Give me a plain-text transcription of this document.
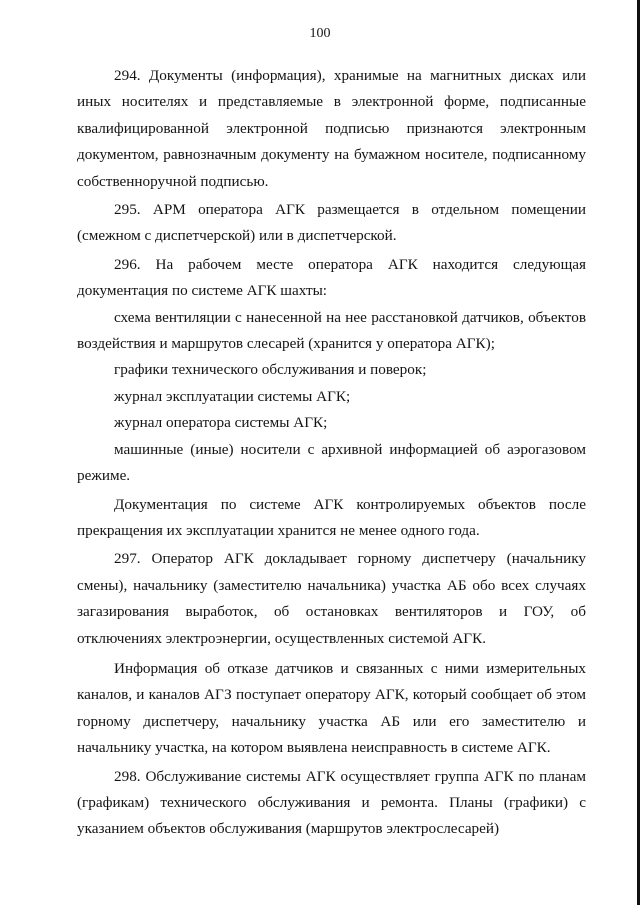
100

294. Документы (информация), хранимые на магнитных дисках или иных носителях и представляемые в электронной форме, подписанные квалифицированной электронной подписью признаются электронным документом, равнозначным документу на бумажном носителе, подписанному собственноручной подписью.

295. АРМ оператора АГК размещается в отдельном помещении (смежном с диспетчерской) или в диспетчерской.

296. На рабочем месте оператора АГК находится следующая документация по системе АГК шахты:

схема вентиляции с нанесенной на нее расстановкой датчиков, объектов воздействия и маршрутов слесарей (хранится у оператора АГК);

графики технического обслуживания и поверок;

журнал эксплуатации системы АГК;

журнал оператора системы АГК;

машинные (иные) носители с архивной информацией об аэрогазовом режиме.

Документация по системе АГК контролируемых объектов после прекращения их эксплуатации хранится не менее одного года.

297. Оператор АГК докладывает горному диспетчеру (начальнику смены), начальнику (заместителю начальника) участка АБ обо всех случаях загазирования выработок, об остановках вентиляторов и ГОУ, об отключениях электроэнергии, осуществленных системой АГК.

Информация об отказе датчиков и связанных с ними измерительных каналов, и каналов АГЗ поступает оператору АГК, который сообщает об этом горному диспетчеру, начальнику участка АБ или его заместителю и начальнику участка, на котором выявлена неисправность в системе АГК.

298. Обслуживание системы АГК осуществляет группа АГК по планам (графикам) технического обслуживания и ремонта. Планы (графики) с указанием объектов обслуживания (маршрутов электрослесарей)
